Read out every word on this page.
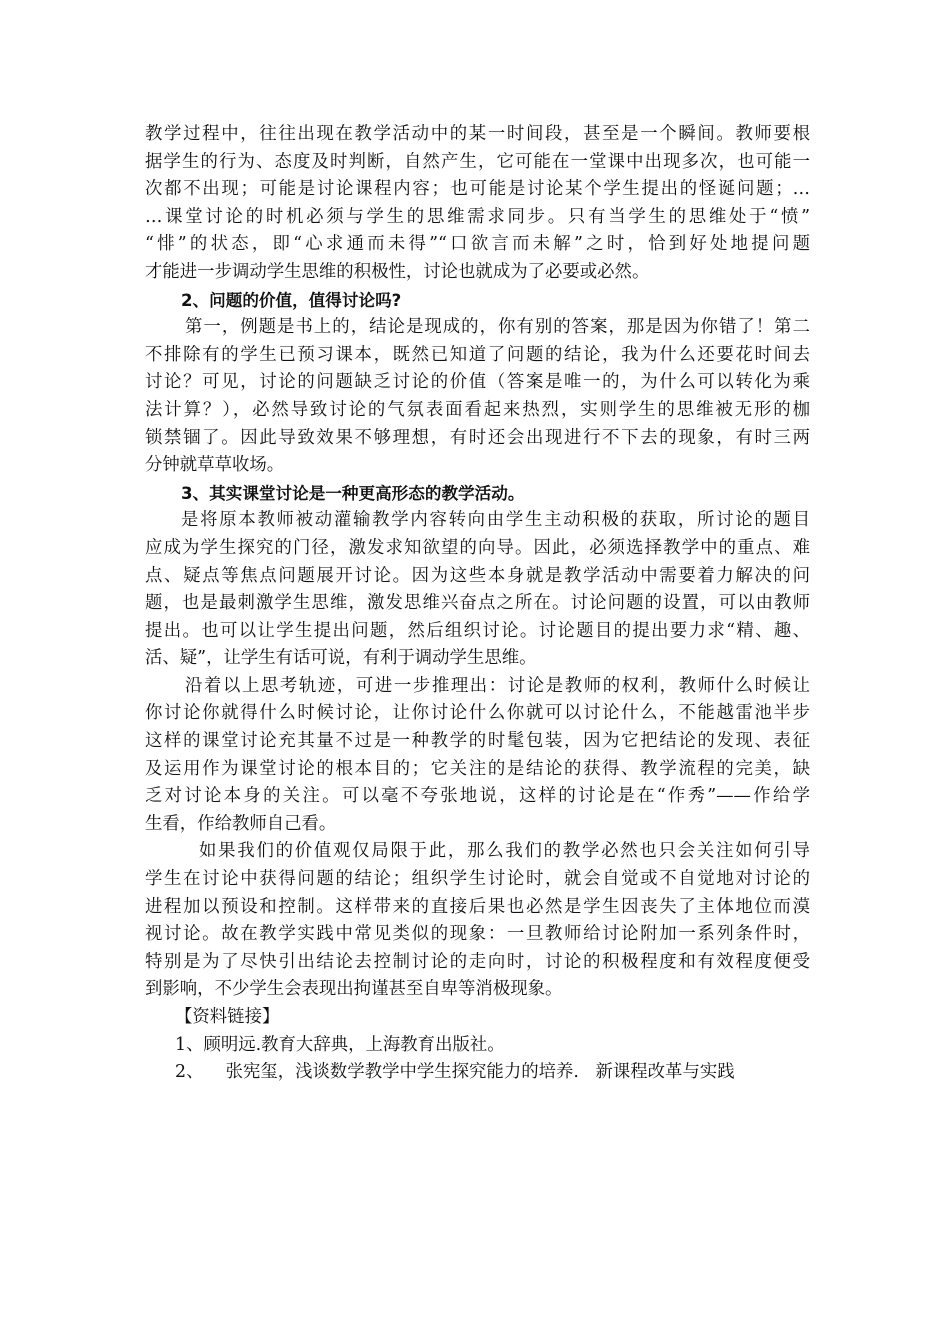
教学过程中，往往出现在教学活动中的某一时间段，甚至是一个瞬间。教师要根
据学生的行为、态度及时判断，自然产生，它可能在一堂课中出现多次，也可能一
次都不出现；可能是讨论课程内容；也可能是讨论某个学生提出的怪诞问题；…
…课堂讨论的时机必须与学生的思维需求同步。只有当学生的思维处于“愤”
“悱”的状态，即“心求通而未得”“口欲言而未解”之时，恰到好处地提问题
才能进一步调动学生思维的积极性，讨论也就成为了必要或必然。
2、问题的价值，值得讨论吗?
第一，例题是书上的，结论是现成的，你有别的答案，那是因为你错了！第二
不排除有的学生已预习课本，既然已知道了问题的结论，我为什么还要花时间去
讨论？可见，讨论的问题缺乏讨论的价值（答案是唯一的，为什么可以转化为乘
法计算？），必然导致讨论的气氛表面看起来热烈，实则学生的思维被无形的枷
锁禁锢了。因此导致效果不够理想，有时还会出现进行不下去的现象，有时三两
分钟就草草收场。
3、其实课堂讨论是一种更高形态的教学活动。
是将原本教师被动灌输教学内容转向由学生主动积极的获取，所讨论的题目
应成为学生探究的门径，激发求知欲望的向导。因此，必须选择教学中的重点、难
点、疑点等焦点问题展开讨论。因为这些本身就是教学活动中需要着力解决的问
题，也是最刺激学生思维，激发思维兴奋点之所在。讨论问题的设置，可以由教师
提出。也可以让学生提出问题，然后组织讨论。讨论题目的提出要力求“精、趣、
活、疑”，让学生有话可说，有利于调动学生思维。
沿着以上思考轨迹，可进一步推理出：讨论是教师的权利，教师什么时候让
你讨论你就得什么时候讨论，让你讨论什么你就可以讨论什么，不能越雷池半步
这样的课堂讨论充其量不过是一种教学的时髦包装，因为它把结论的发现、表征
及运用作为课堂讨论的根本目的；它关注的是结论的获得、教学流程的完美，缺
乏对讨论本身的关注。可以毫不夸张地说，这样的讨论是在“作秀”——作给学
生看，作给教师自己看。
如果我们的价值观仅局限于此，那么我们的教学必然也只会关注如何引导
学生在讨论中获得问题的结论；组织学生讨论时，就会自觉或不自觉地对讨论的
进程加以预设和控制。这样带来的直接后果也必然是学生因丧失了主体地位而漠
视讨论。故在教学实践中常见类似的现象：一旦教师给讨论附加一系列条件时，
特别是为了尽快引出结论去控制讨论的走向时，讨论的积极程度和有效程度便受
到影响，不少学生会表现出拘谨甚至自卑等消极现象。
【资料链接】
1、顾明远.教育大辞典，上海教育出版社。
2、    张宪玺，浅谈数学教学中学生探究能力的培养.   新课程改革与实践
